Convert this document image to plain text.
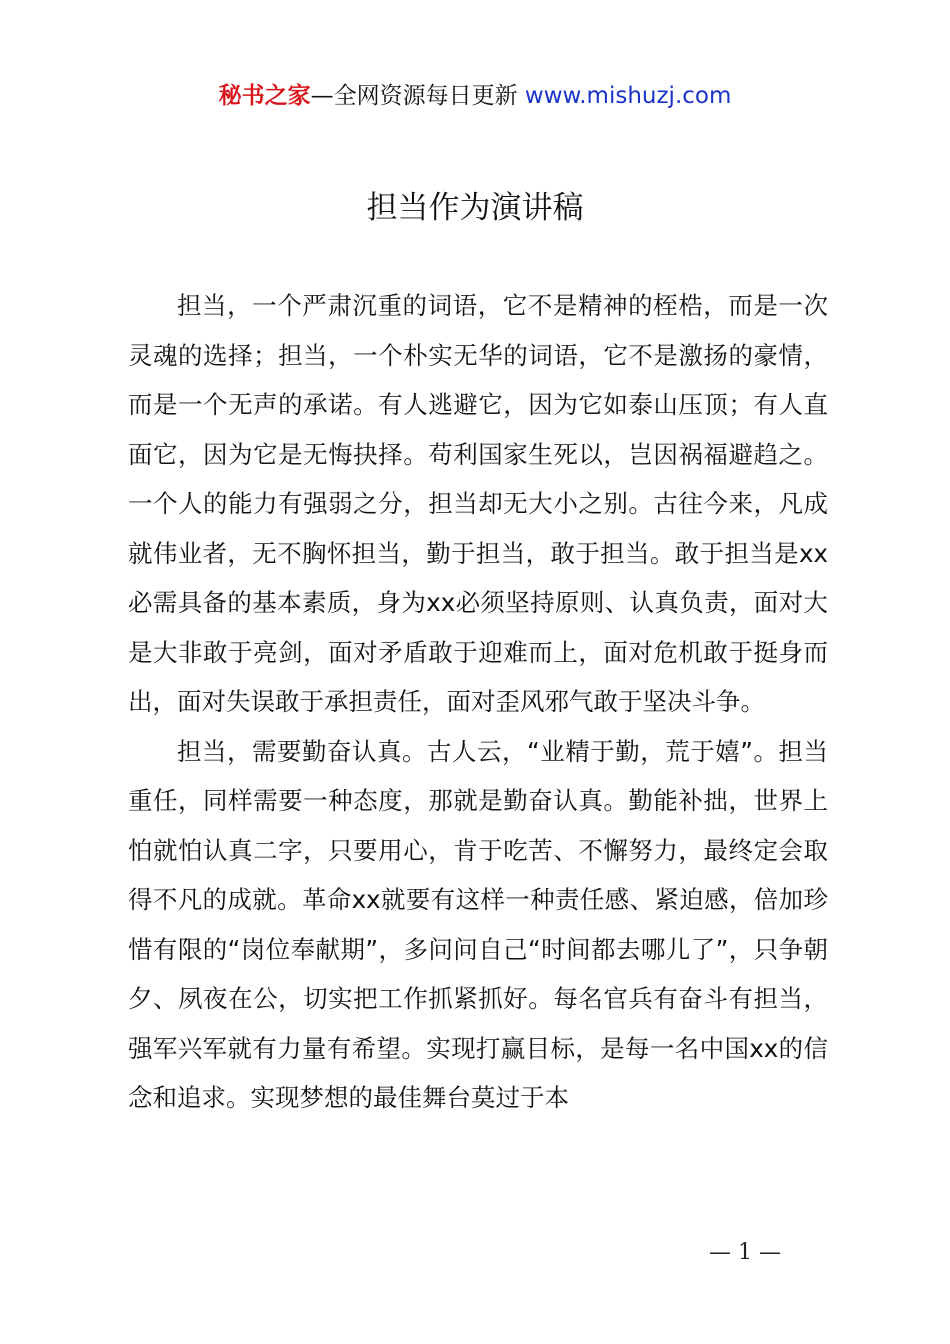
秘书之家—全网资源每日更新 www.mishuzj.com
担当作为演讲稿

担当，一个严肃沉重的词语，它不是精神的桎梏，而是一次灵魂的选择；担当，一个朴实无华的词语，它不是激扬的豪情，而是一个无声的承诺。有人逃避它，因为它如泰山压顶；有人直面它，因为它是无悔抉择。苟利国家生死以，岂因祸福避趋之。一个人的能力有强弱之分，担当却无大小之别。古往今来，凡成就伟业者，无不胸怀担当，勤于担当，敢于担当。敢于担当是xx必需具备的基本素质，身为xx必须坚持原则、认真负责，面对大是大非敢于亮剑，面对矛盾敢于迎难而上，面对危机敢于挺身而出，面对失误敢于承担责任，面对歪风邪气敢于坚决斗争。

担当，需要勤奋认真。古人云，“业精于勤，荒于嬉”。担当重任，同样需要一种态度，那就是勤奋认真。勤能补拙，世界上怕就怕认真二字，只要用心，肯于吃苦、不懈努力，最终定会取得不凡的成就。革命xx就要有这样一种责任感、紧迫感，倍加珍惜有限的“岗位奉献期”，多问问自己“时间都去哪儿了”，只争朝夕、夙夜在公，切实把工作抓紧抓好。每名官兵有奋斗有担当，强军兴军就有力量有希望。实现打赢目标，是每一名中国xx的信念和追求。实现梦想的最佳舞台莫过于本

— 1 —
